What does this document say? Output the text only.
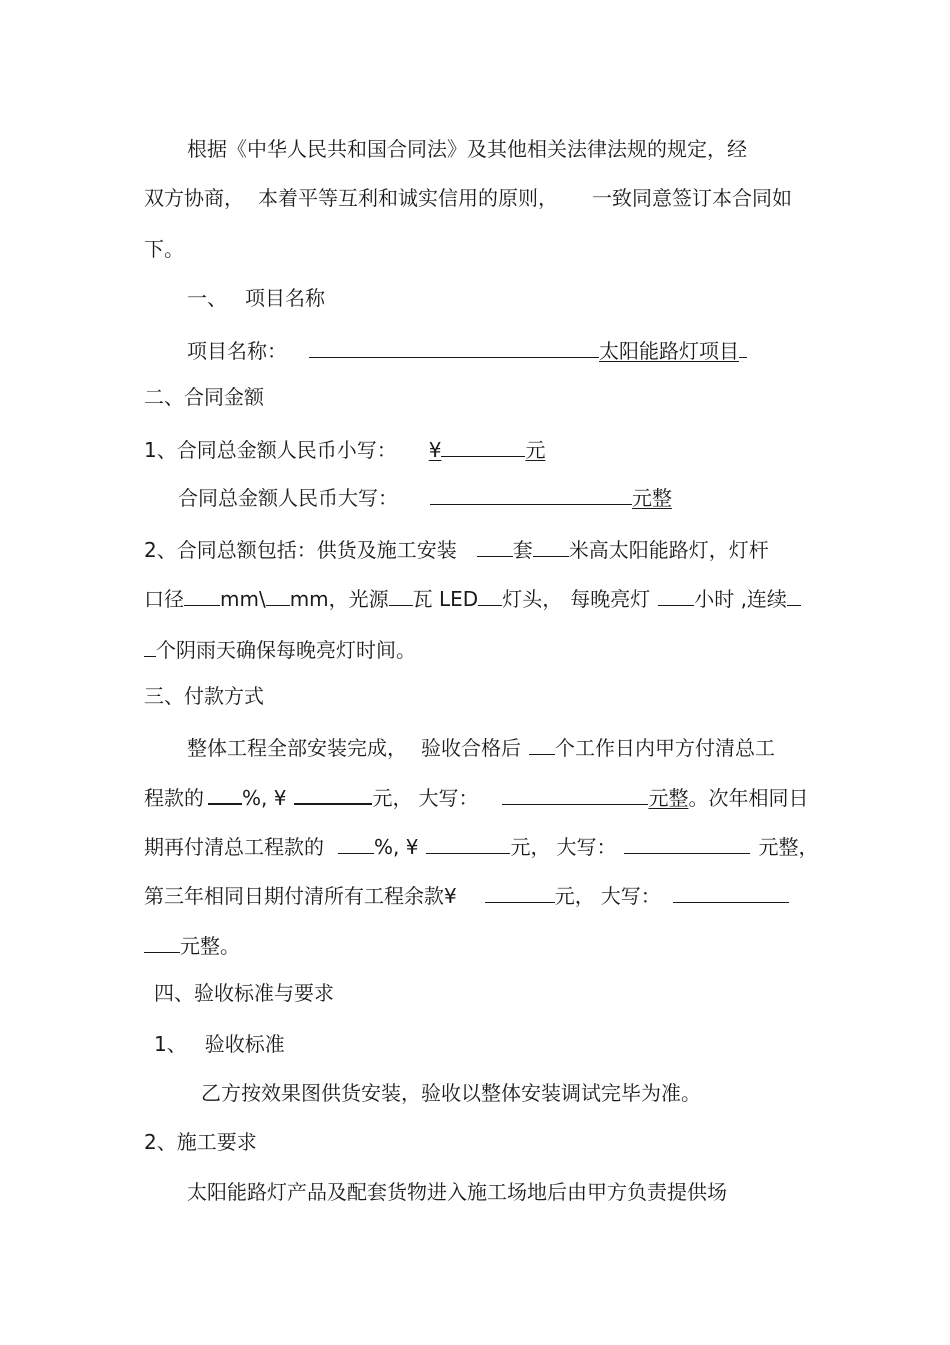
根据《中华人民共和国合同法》及其他相关法律法规的规定，经
双方协商， 本着平等互利和诚实信用的原则， 一致同意签订本合同如
下。
一、 项目名称
项目名称：	太阳能路灯项目
二、合同金额
1、合同总金额人民币小写： ¥	元
合同总金额人民币大写：	元整
2、合同总额包括：供货及施工安装	套 米高太阳能路灯，灯杆
口径 mm\ mm，光源 瓦 LED 灯头， 每晚亮灯 小时 ,连续
个阴雨天确保每晚亮灯时间。
三、付款方式
整体工程全部安装完成， 验收合格后 个工作日内甲方付清总工
程款的 %, ¥	元， 大写：	元整。次年相同日
期再付清总工程款的	%, ¥	元， 大写：	元整，
第三年相同日期付清所有工程余款¥	元， 大写：
元整。
四、验收标准与要求
1、 验收标准
乙方按效果图供货安装，验收以整体安装调试完毕为准。
2、施工要求
太阳能路灯产品及配套货物进入施工场地后由甲方负责提供场
